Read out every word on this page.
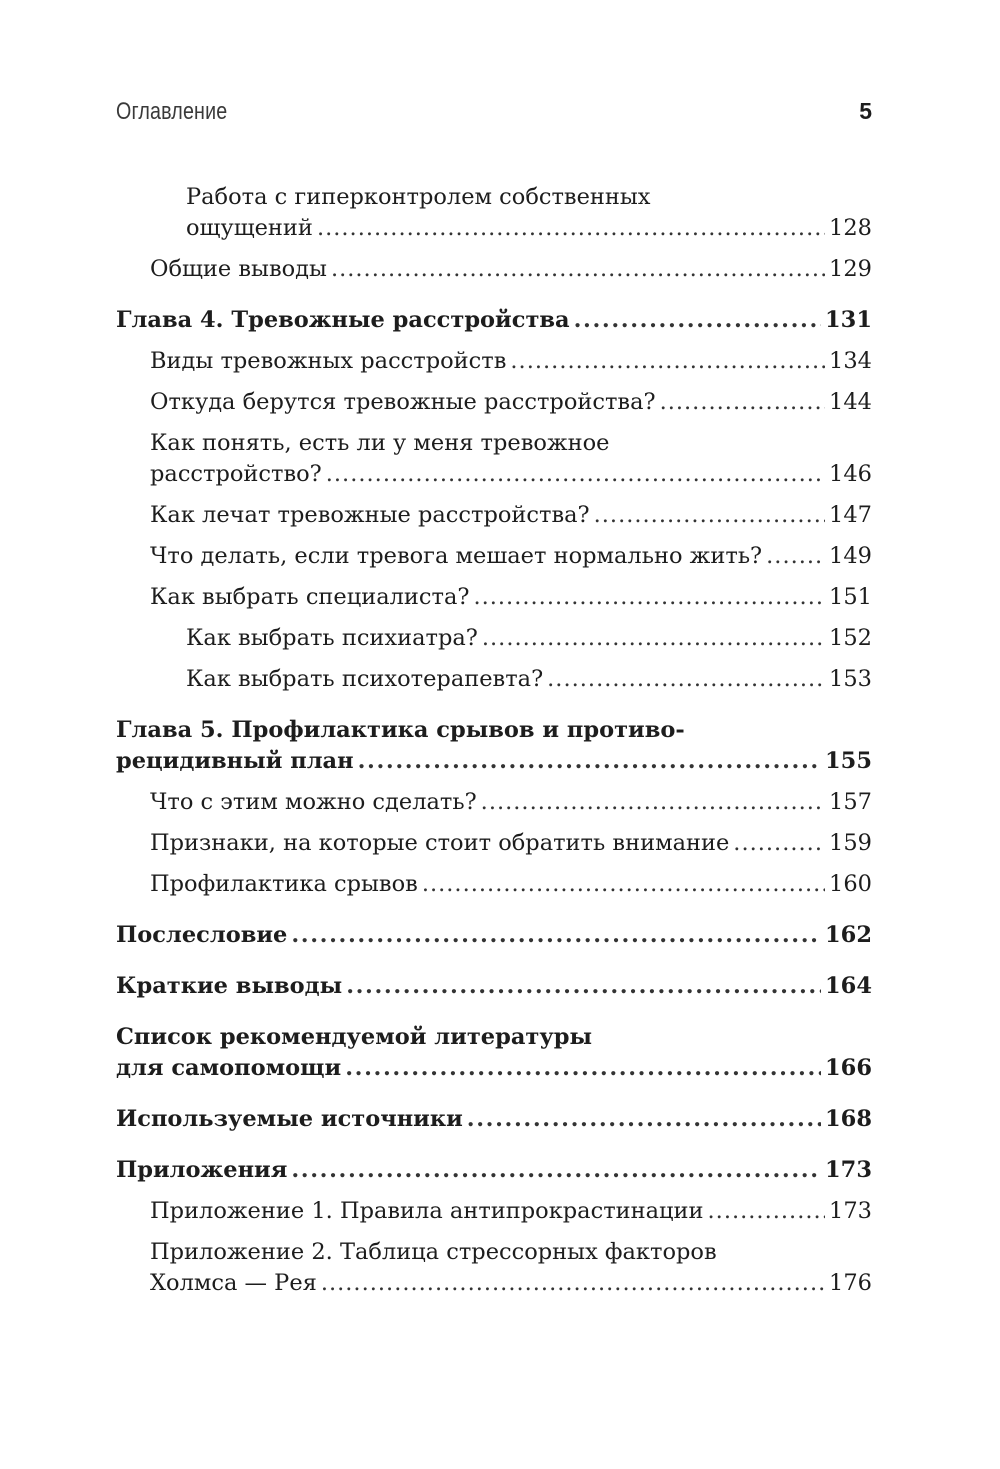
Оглавление	5
Работа с гиперконтролем собственных
ощущений .....	128
Общие выводы .....	129
Глава 4. Тревожные расстройства .....	131
Виды тревожных расстройств .....	134
Откуда берутся тревожные расстройства? .....	144
Как понять, есть ли у меня тревожное
расстройство? .....	146
Как лечат тревожные расстройства? .....	147
Что делать, если тревога мешает нормально жить? .....	149
Как выбрать специалиста? .....	151
Как выбрать психиатра? .....	152
Как выбрать психотерапевта? .....	153
Глава 5. Профилактика срывов и противо-
рецидивный план .....	155
Что с этим можно сделать? .....	157
Признаки, на которые стоит обратить внимание .....	159
Профилактика срывов .....	160
Послесловие .....	162
Краткие выводы .....	164
Список рекомендуемой литературы
для самопомощи .....	166
Используемые источники .....	168
Приложения .....	173
Приложение 1. Правила антипрокрастинации .....	173
Приложение 2. Таблица стрессорных факторов
Холмса — Рея .....	176
